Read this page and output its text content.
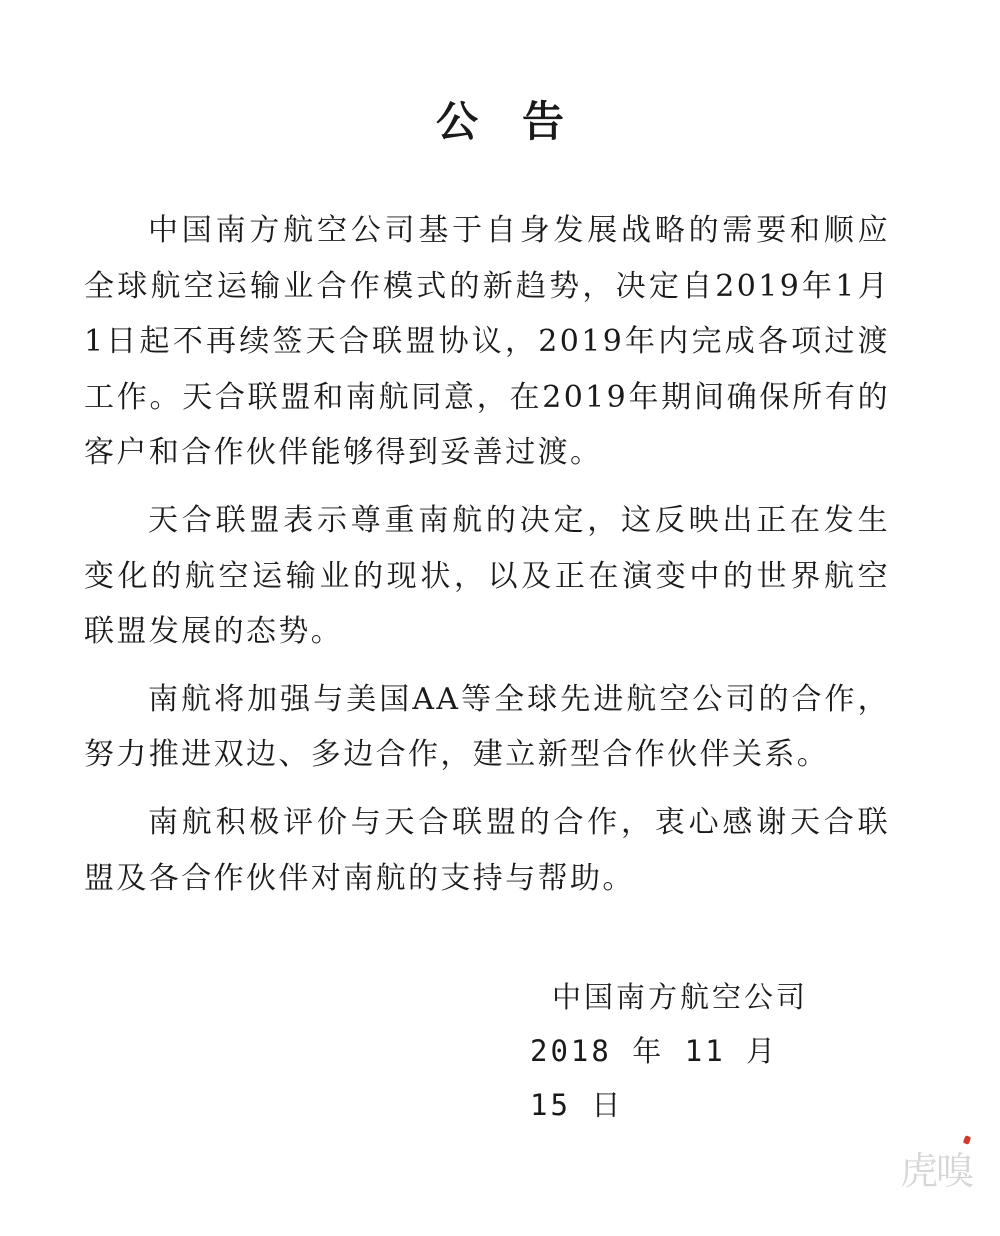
公告

中国南方航空公司基于自身发展战略的需要和顺应全球航空运输业合作模式的新趋势，决定自2019年1月1日起不再续签天合联盟协议，2019年内完成各项过渡工作。天合联盟和南航同意，在2019年期间确保所有的客户和合作伙伴能够得到妥善过渡。

天合联盟表示尊重南航的决定，这反映出正在发生变化的航空运输业的现状，以及正在演变中的世界航空联盟发展的态势。

南航将加强与美国AA等全球先进航空公司的合作，努力推进双边、多边合作，建立新型合作伙伴关系。

南航积极评价与天合联盟的合作，衷心感谢天合联盟及各合作伙伴对南航的支持与帮助。

中国南方航空公司
2018 年 11 月 15 日
虎嗅
